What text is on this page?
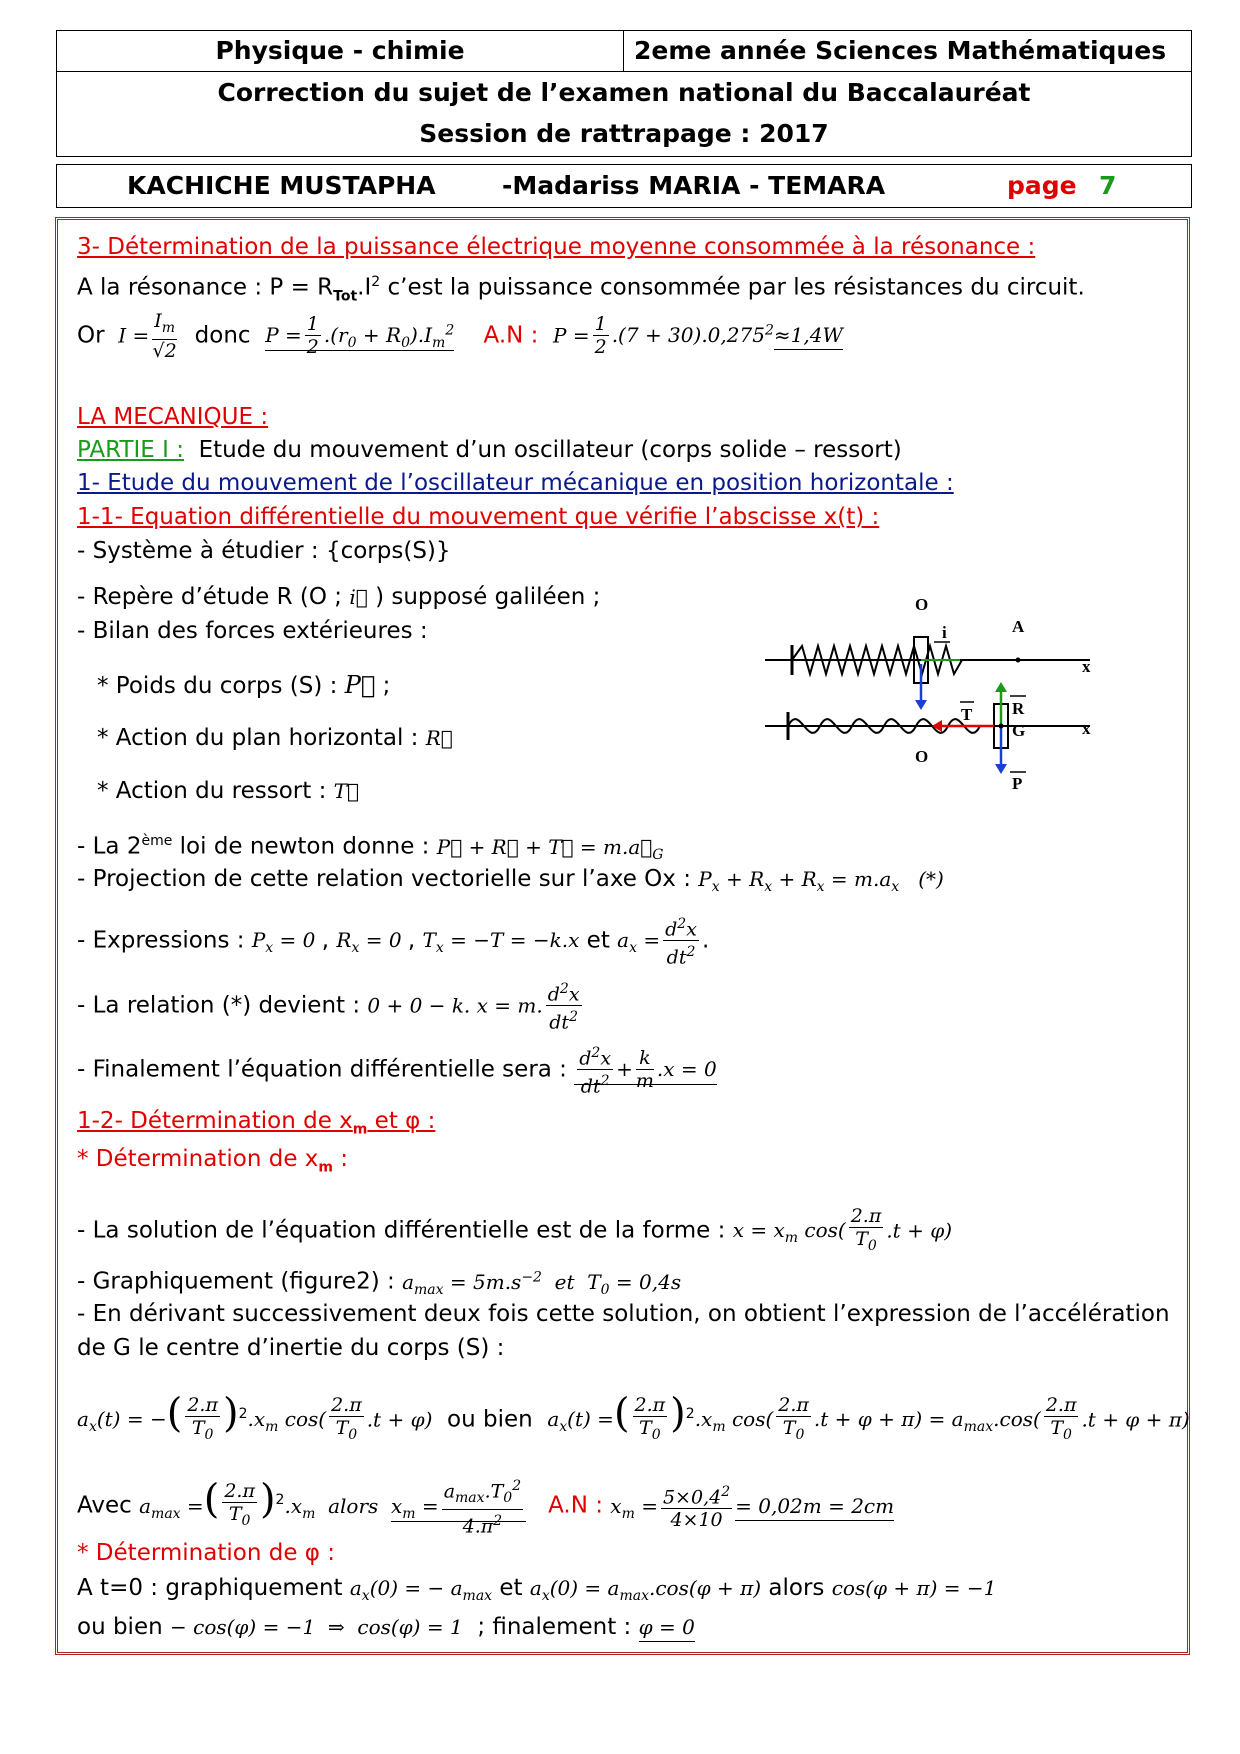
Physique - chimie	2eme année Sciences Mathématiques
Correction du sujet de l’examen national du Baccalauréat
Session de rattrapage : 2017
KACHICHE MUSTAPHA	-Madariss MARIA - TEMARA	page 7
3- Détermination de la puissance électrique moyenne consommée à la résonance :
A la résonance : $P = R_{Tot}.I^2$ c’est la puissance consommée par les résistances du circuit.
Or  $I = \frac{I_m}{√2}$ donc $P = \frac{1}{2} .(r_0 + R_0).I_m^2$ A.N : $P = \frac{1}{2} .(7 + 30).0,275^2\approx 1,4W$
LA MECANIQUE :
PARTIE I : Etude du mouvement d’un oscillateur (corps solide – ressort)
1- Etude du mouvement de l’oscillateur mécanique en position horizontale :
1-1- Equation différentielle du mouvement que vérifie l’abscisse x(t) :
- Système à étudier : {corps(S)}
- Repère d’étude R (O ; i⃗ ) supposé galiléen ;
- Bilan des forces extérieures :
* Poids du corps (S) : P⃗ ;
* Action du plan horizontal : R⃗
* Action du ressort : T⃗
- La 2ème loi de newton donne : P⃗ + R⃗ + T⃗ = $m.a⃗_G$
- Projection de cette relation vectorielle sur l’axe Ox : $P_x + R_x + R_x = m.a_x$   (*)
- Expressions : $P_x = 0$ , $R_x = 0$ , $T_x = -T = -k.x$ et $a_x = \frac{d^2x}{dt^2}$ .
- La relation (*) devient : 0 + 0 − k. x = m. $\frac{d^2x}{dt^2}$
- Finalement l’équation différentielle sera : $\frac{d^2x}{dt^2} + \frac{k}{m} .x = 0$
1-2- Détermination de $x_m$ et φ :
* Détermination de $x_m$ :
- La solution de l’équation différentielle est de la forme : $x = x_m$ $\cos( \frac{2.\pi}{T_0} .t + \varphi)$
- Graphiquement (figure2) : $a_{max} = 5m.s^{-2}$  et  $T_0 = 0,4s$
- En dérivant successivement deux fois cette solution, on obtient l’expression de l’accélération
de G le centre d’inertie du corps (S) :
$a_x(t)$ = −( $\frac{2.\pi}{T_0} )^2.x_m$ $\cos( \frac{2.\pi}{T_0} .t + \varphi)$ ou bien $a_x(t)$ =( $\frac{2.\pi}{T_0} )^2.x_m$ $\cos( \frac{2.\pi}{T_0} .t + \varphi + \pi) = a_{max}.\cos( \frac{2.\pi}{T_0} .t + \varphi + \pi)$
Avec $a_{max}$ =( $\frac{2.\pi}{T_0} )^2.x_m$  alors  $x_m = \frac{a_{max}.T_0^2}{4.\pi^2} A.N$ : $x_m = \frac{5\times 0,4^2}{4\times 10} = 0,02m = 2cm$
* Détermination de φ :
A t=0 : graphiquement $a_x(0)$ = − $a_{max}$ et $a_x(0) = a_{max}.\cos(\varphi + \pi)$ alors cos(φ + π) = −1
ou bien − cos(φ) = −1  ⇒  cos(φ) = 1 ; finalement : φ = 0
O
i	A
x
T R
G	x
O
P
